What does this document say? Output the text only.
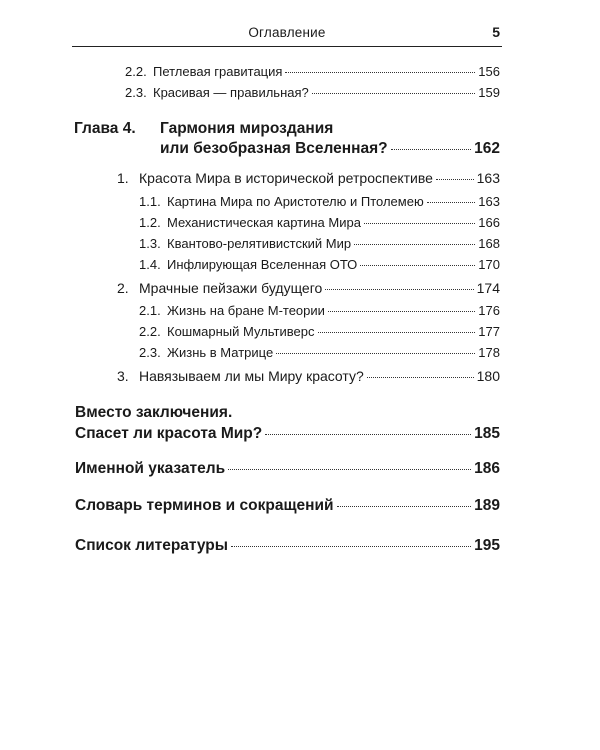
Оглавление	5
2.2. Петлевая гравитация	156
2.3. Красивая — правильная?	159
Глава 4. Гармония мироздания
или безобразная Вселенная?	162
1. Красота Мира в исторической ретроспективе	163
1.1. Картина Мира по Аристотелю и Птолемею	163
1.2. Механистическая картина Мира	166
1.3. Квантово-релятивистский Мир	168
1.4. Инфлирующая Вселенная ОТО	170
2. Мрачные пейзажи будущего	174
2.1. Жизнь на бране М-теории	176
2.2. Кошмарный Мультиверс	177
2.3. Жизнь в Матрице	178
3. Навязываем ли мы Миру красоту?	180
Вместо заключения.
Спасет ли красота Мир?	185
Именной указатель	186
Словарь терминов и сокращений	189
Список литературы	195
